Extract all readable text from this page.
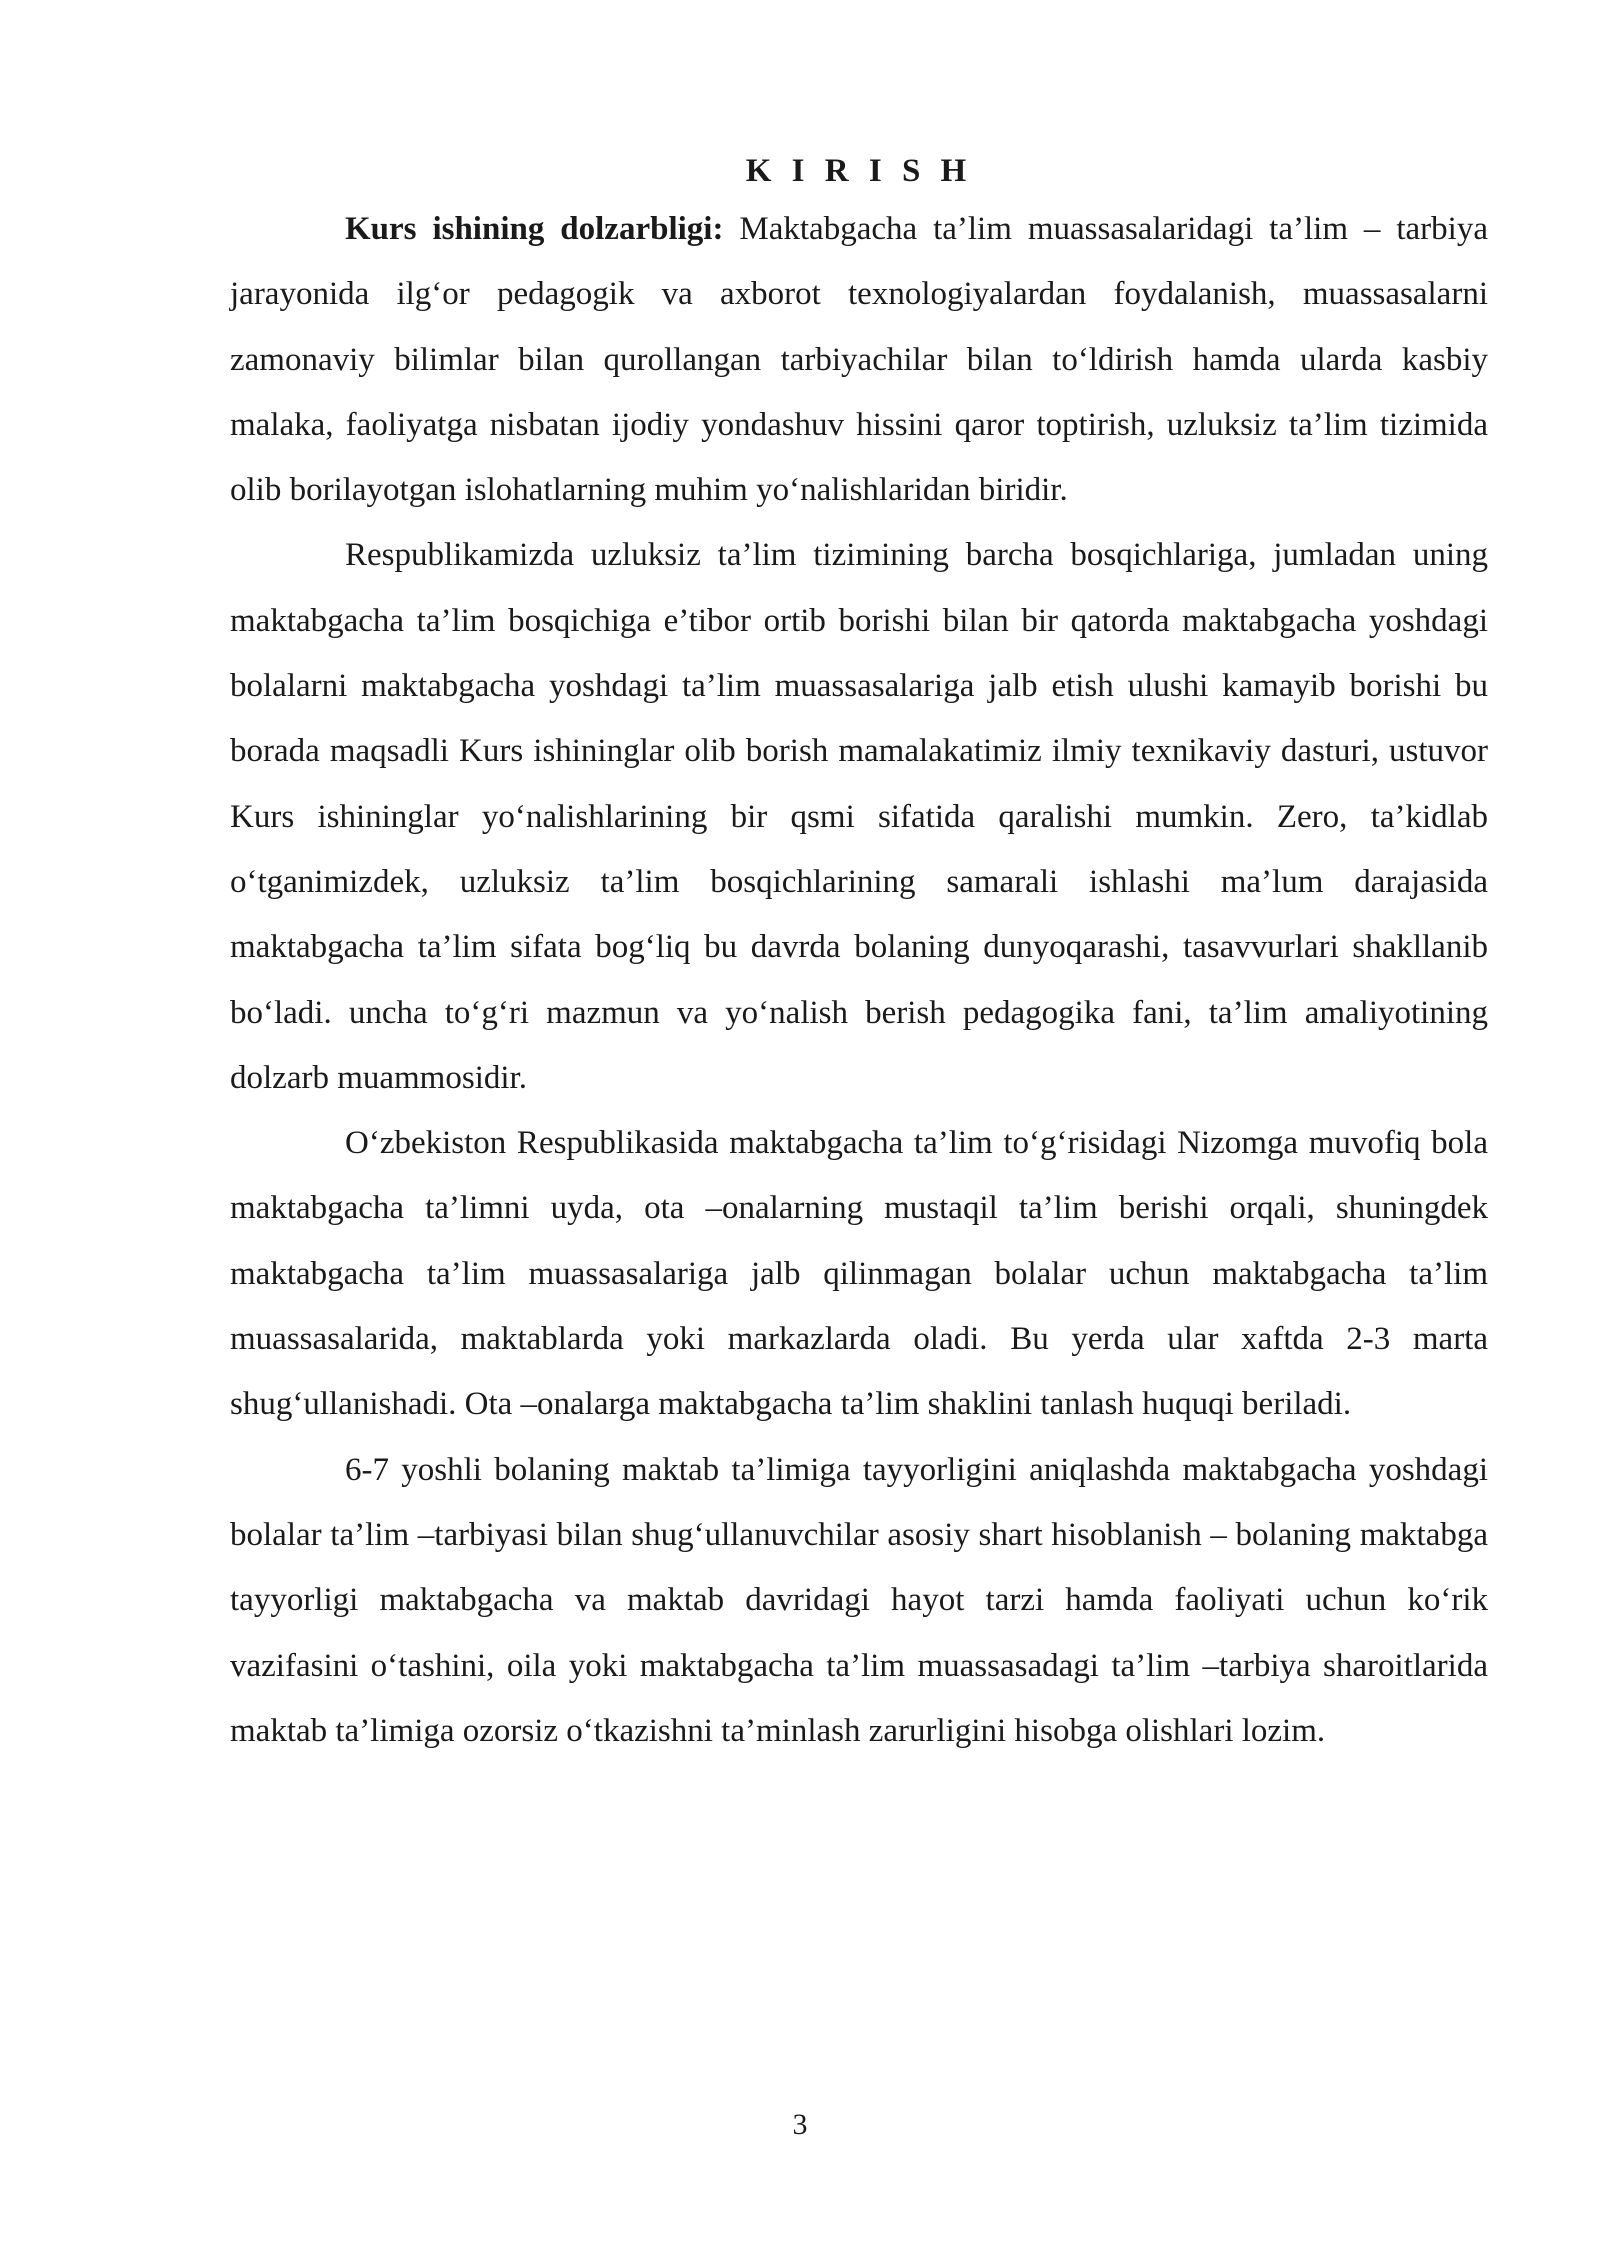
K I R I S H

Kurs ishining dolzarbligi: Maktabgacha ta’lim muassasalaridagi ta’lim – tarbiya jarayonida ilg‘or pedagogik va axborot texnologiyalardan foydalanish, muassasalarni zamonaviy bilimlar bilan qurollangan tarbiyachilar bilan to‘ldirish hamda ularda kasbiy malaka, faoliyatga nisbatan ijodiy yondashuv hissini qaror toptirish, uzluksiz ta’lim tizimida olib borilayotgan islohatlarning muhim yo‘nalishlaridan biridir.

Respublikamizda uzluksiz ta’lim tizimining barcha bosqichlariga, jumladan uning maktabgacha ta’lim bosqichiga e’tibor ortib borishi bilan bir qatorda maktabgacha yoshdagi bolalarni maktabgacha yoshdagi ta’lim muassasalariga jalb etish ulushi kamayib borishi bu borada maqsadli Kurs ishininglar olib borish mamalakatimiz ilmiy texnikaviy dasturi, ustuvor Kurs ishininglar yo‘nalishlarining bir qsmi sifatida qaralishi mumkin. Zero, ta’kidlab o‘tganimizdek, uzluksiz ta’lim bosqichlarining samarali ishlashi ma’lum darajasida maktabgacha ta’lim sifata bog‘liq bu davrda bolaning dunyoqarashi, tasavvurlari shakllanib bo‘ladi. uncha to‘g‘ri mazmun va yo‘nalish berish pedagogika fani, ta’lim amaliyotining dolzarb muammosidir.

O‘zbekiston Respublikasida maktabgacha ta’lim to‘g‘risidagi Nizomga muvofiq bola maktabgacha ta’limni uyda, ota –onalarning mustaqil ta’lim berishi orqali, shuningdek maktabgacha ta’lim muassasalariga jalb qilinmagan bolalar uchun maktabgacha ta’lim muassasalarida, maktablarda yoki markazlarda oladi. Bu yerda ular xaftda 2-3 marta shug‘ullanishadi. Ota –onalarga maktabgacha ta’lim shaklini tanlash huquqi beriladi.

6-7 yoshli bolaning maktab ta’limiga tayyorligini aniqlashda maktabgacha yoshdagi bolalar ta’lim –tarbiyasi bilan shug‘ullanuvchilar asosiy shart hisoblanish – bolaning maktabga tayyorligi maktabgacha va maktab davridagi hayot tarzi hamda faoliyati uchun ko‘rik vazifasini o‘tashini, oila yoki maktabgacha ta’lim muassasadagi ta’lim –tarbiya sharoitlarida maktab ta’limiga ozorsiz o‘tkazishni ta’minlash zarurligini hisobga olishlari lozim.

3
